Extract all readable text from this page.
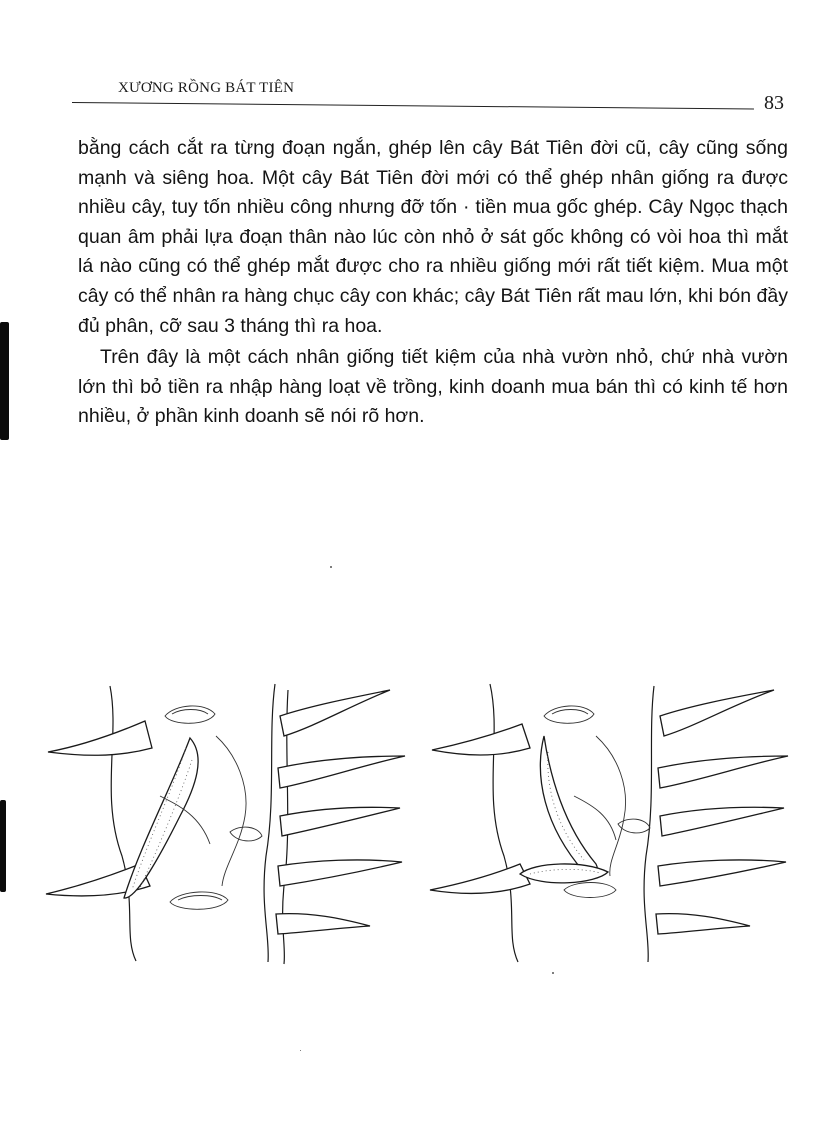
XƯƠNG RỒNG BÁT TIÊN
83

bằng cách cắt ra từng đoạn ngắn, ghép lên cây Bát Tiên đời cũ, cây cũng sống mạnh và siêng hoa. Một cây Bát Tiên đời mới có thể ghép nhân giống ra được nhiều cây, tuy tốn nhiều công nhưng đỡ tốn · tiền mua gốc ghép. Cây Ngọc thạch quan âm phải lựa đoạn thân nào lúc còn nhỏ ở sát gốc không có vòi hoa thì mắt lá nào cũng có thể ghép mắt được cho ra nhiều giống mới rất tiết kiệm. Mua một cây có thể nhân ra hàng chục cây con khác; cây Bát Tiên rất mau lớn, khi bón đầy đủ phân, cỡ sau 3 tháng thì ra hoa.

Trên đây là một cách nhân giống tiết kiệm của nhà vườn nhỏ, chứ nhà vườn lớn thì bỏ tiền ra nhập hàng loạt về trồng, kinh doanh mua bán thì có kinh tế hơn nhiều, ở phần kinh doanh sẽ nói rõ hơn.
